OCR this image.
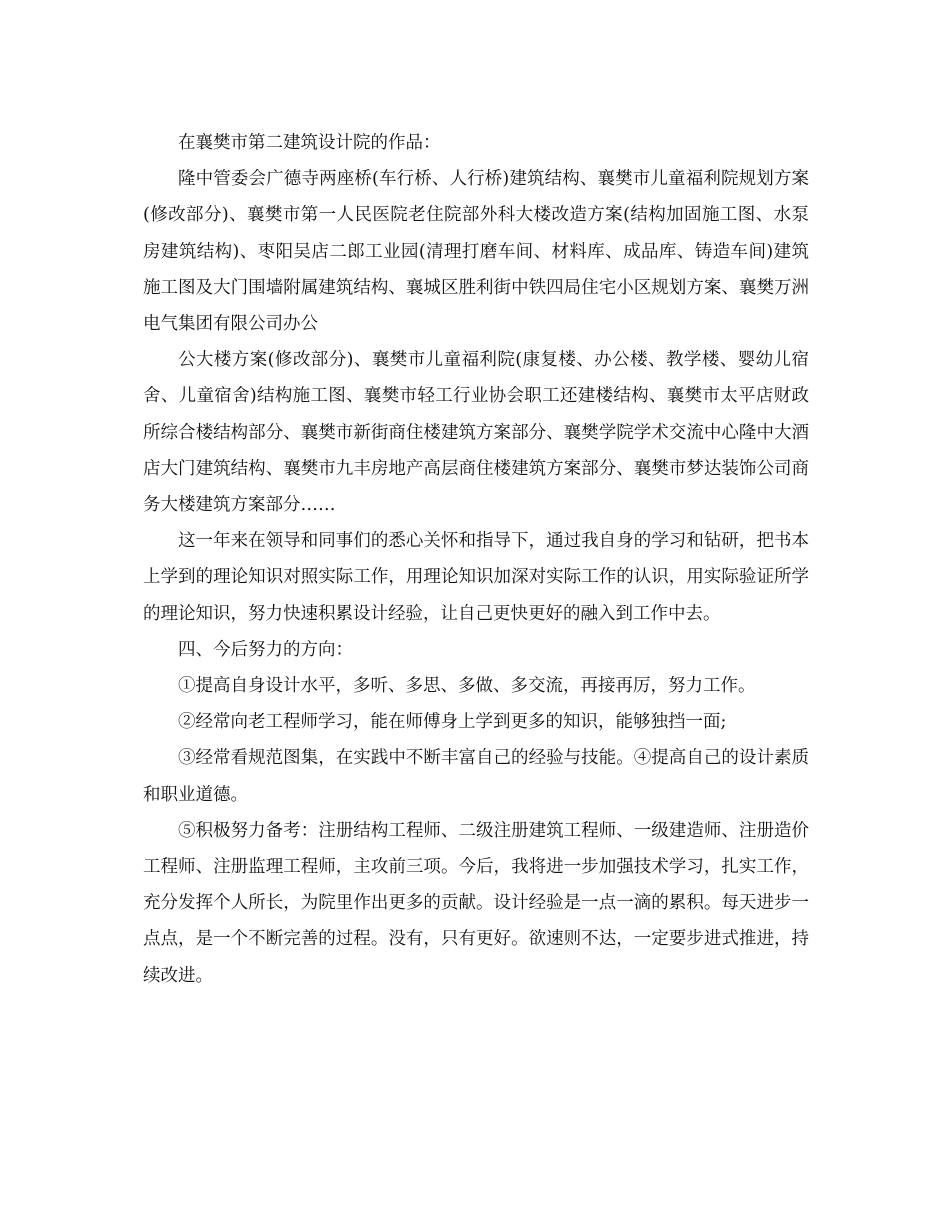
在襄樊市第二建筑设计院的作品：

隆中管委会广德寺两座桥(车行桥、人行桥)建筑结构、襄樊市儿童福利院规划方案(修改部分)、襄樊市第一人民医院老住院部外科大楼改造方案(结构加固施工图、水泵房建筑结构)、枣阳吴店二郎工业园(清理打磨车间、材料库、成品库、铸造车间)建筑施工图及大门围墙附属建筑结构、襄城区胜利街中铁四局住宅小区规划方案、襄樊万洲电气集团有限公司办公

公大楼方案(修改部分)、襄樊市儿童福利院(康复楼、办公楼、教学楼、婴幼儿宿舍、儿童宿舍)结构施工图、襄樊市轻工行业协会职工还建楼结构、襄樊市太平店财政所综合楼结构部分、襄樊市新街商住楼建筑方案部分、襄樊学院学术交流中心隆中大酒店大门建筑结构、襄樊市九丰房地产高层商住楼建筑方案部分、襄樊市梦达装饰公司商务大楼建筑方案部分……

这一年来在领导和同事们的悉心关怀和指导下，通过我自身的学习和钻研，把书本上学到的理论知识对照实际工作，用理论知识加深对实际工作的认识，用实际验证所学的理论知识，努力快速积累设计经验，让自己更快更好的融入到工作中去。

四、今后努力的方向：

①提高自身设计水平，多听、多思、多做、多交流，再接再厉，努力工作。

②经常向老工程师学习，能在师傅身上学到更多的知识，能够独挡一面;

③经常看规范图集，在实践中不断丰富自己的经验与技能。④提高自己的设计素质和职业道德。

⑤积极努力备考：注册结构工程师、二级注册建筑工程师、一级建造师、注册造价工程师、注册监理工程师，主攻前三项。今后，我将进一步加强技术学习，扎实工作，充分发挥个人所长，为院里作出更多的贡献。设计经验是一点一滴的累积。每天进步一点点，是一个不断完善的过程。没有，只有更好。欲速则不达，一定要步进式推进，持续改进。
